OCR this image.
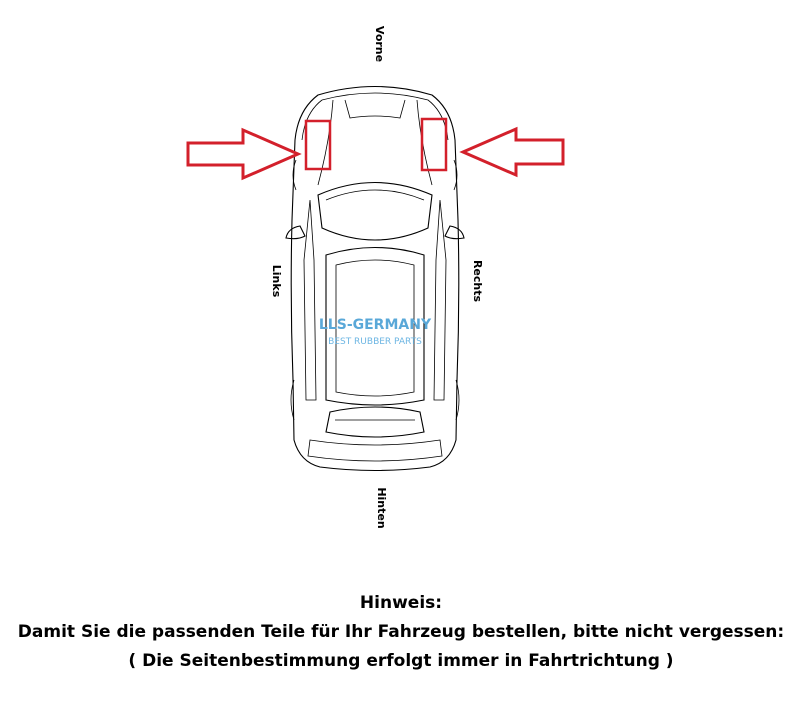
Vorne
Hinten
Links	Rechts
LLS-GERMANY
BEST RUBBER PARTS

Hinweis:

Damit Sie die passenden Teile für Ihr Fahrzeug bestellen, bitte nicht vergessen:

( Die Seitenbestimmung erfolgt immer in Fahrtrichtung )
